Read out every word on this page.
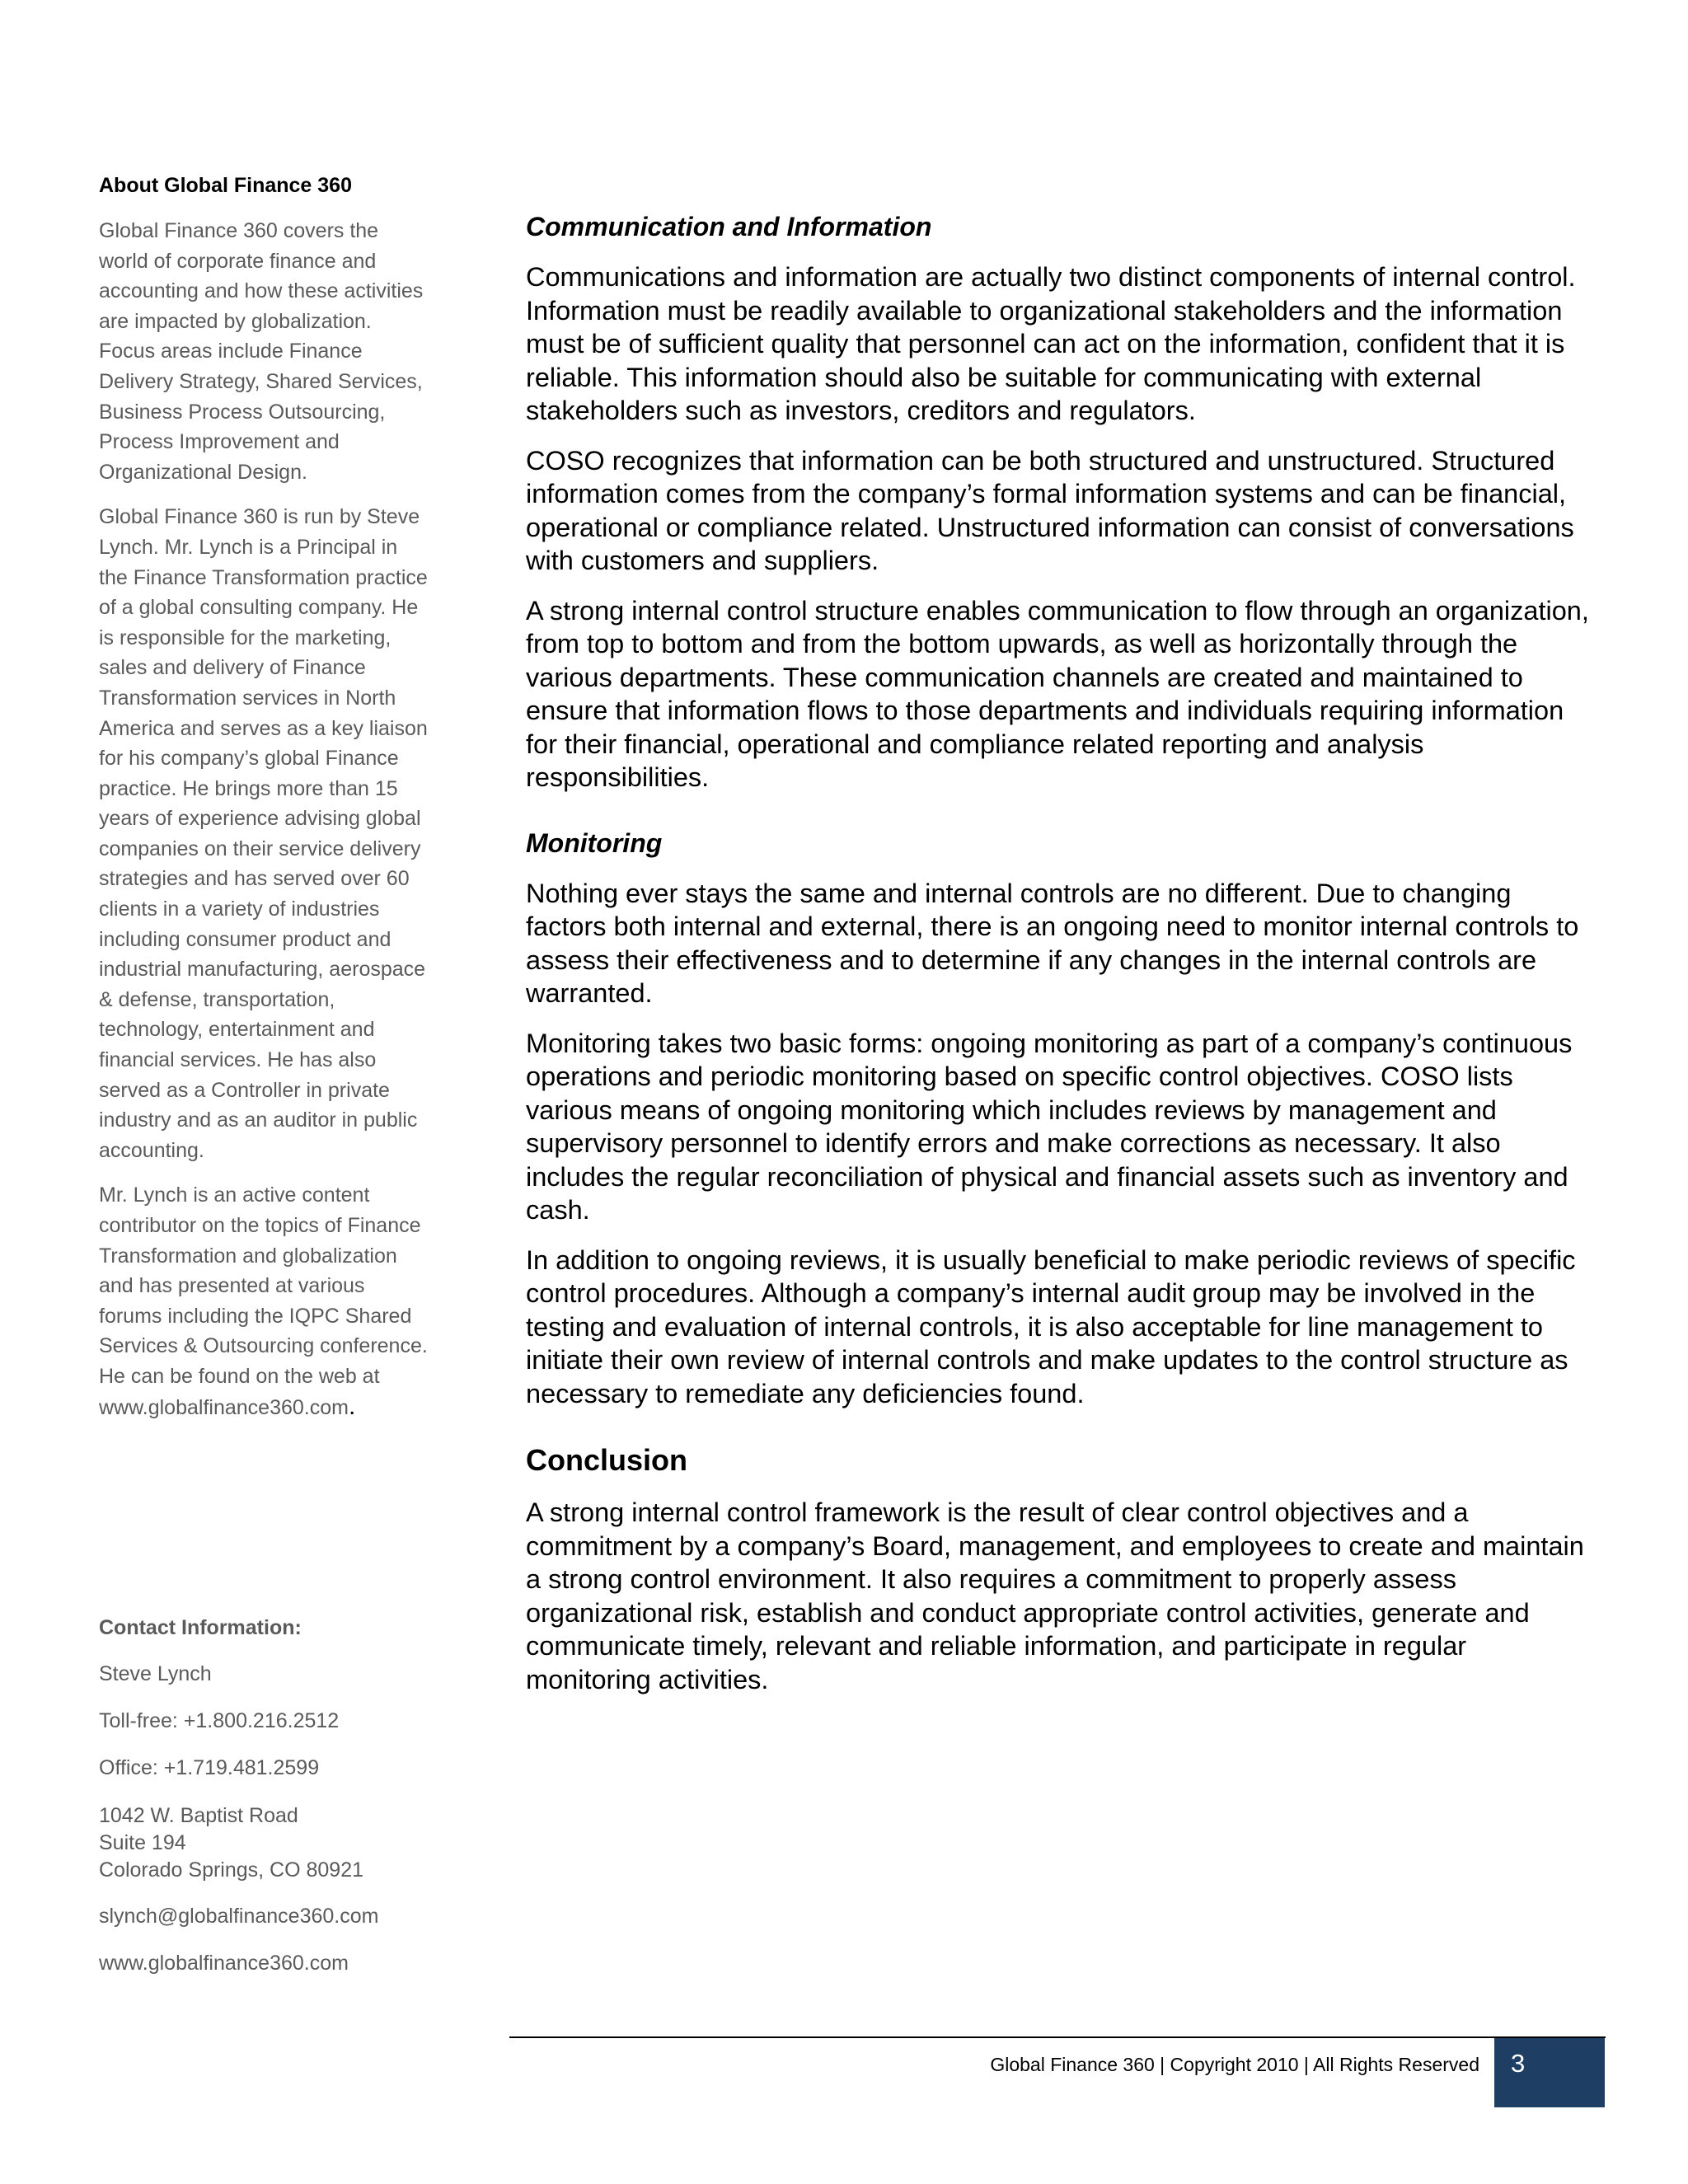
About Global Finance 360

Global Finance 360 covers the world of corporate finance and accounting and how these activities are impacted by globalization. Focus areas include Finance Delivery Strategy, Shared Services, Business Process Outsourcing, Process Improvement and Organizational Design.

Global Finance 360 is run by Steve Lynch. Mr. Lynch is a Principal in the Finance Transformation practice of a global consulting company. He is responsible for the marketing, sales and delivery of Finance Transformation services in North America and serves as a key liaison for his company’s global Finance practice. He brings more than 15 years of experience advising global companies on their service delivery strategies and has served over 60 clients in a variety of industries including consumer product and industrial manufacturing, aerospace & defense, transportation, technology, entertainment and financial services. He has also served as a Controller in private industry and as an auditor in public accounting.

Mr. Lynch is an active content contributor on the topics of Finance Transformation and globalization and has presented at various forums including the IQPC Shared Services & Outsourcing conference. He can be found on the web at www.globalfinance360.com.

Contact Information:
Steve Lynch
Toll-free: +1.800.216.2512
Office: +1.719.481.2599
1042 W. Baptist Road
Suite 194
Colorado Springs, CO 80921
slynch@globalfinance360.com
www.globalfinance360.com
Communication and Information

Communications and information are actually two distinct components of internal control. Information must be readily available to organizational stakeholders and the information must be of sufficient quality that personnel can act on the information, confident that it is reliable. This information should also be suitable for communicating with external stakeholders such as investors, creditors and regulators.

COSO recognizes that information can be both structured and unstructured. Structured information comes from the company’s formal information systems and can be financial, operational or compliance related. Unstructured information can consist of conversations with customers and suppliers.

A strong internal control structure enables communication to flow through an organization, from top to bottom and from the bottom upwards, as well as horizontally through the various departments. These communication channels are created and maintained to ensure that information flows to those departments and individuals requiring information for their financial, operational and compliance related reporting and analysis responsibilities.

Monitoring

Nothing ever stays the same and internal controls are no different. Due to changing factors both internal and external, there is an ongoing need to monitor internal controls to assess their effectiveness and to determine if any changes in the internal controls are warranted.

Monitoring takes two basic forms: ongoing monitoring as part of a company’s continuous operations and periodic monitoring based on specific control objectives. COSO lists various means of ongoing monitoring which includes reviews by management and supervisory personnel to identify errors and make corrections as necessary. It also includes the regular reconciliation of physical and financial assets such as inventory and cash.

In addition to ongoing reviews, it is usually beneficial to make periodic reviews of specific control procedures. Although a company’s internal audit group may be involved in the testing and evaluation of internal controls, it is also acceptable for line management to initiate their own review of internal controls and make updates to the control structure as necessary to remediate any deficiencies found.

Conclusion

A strong internal control framework is the result of clear control objectives and a commitment by a company’s Board, management, and employees to create and maintain a strong control environment. It also requires a commitment to properly assess organizational risk, establish and conduct appropriate control activities, generate and communicate timely, relevant and reliable information, and participate in regular monitoring activities.

Global Finance 360 | Copyright 2010 | All Rights Reserved 3
